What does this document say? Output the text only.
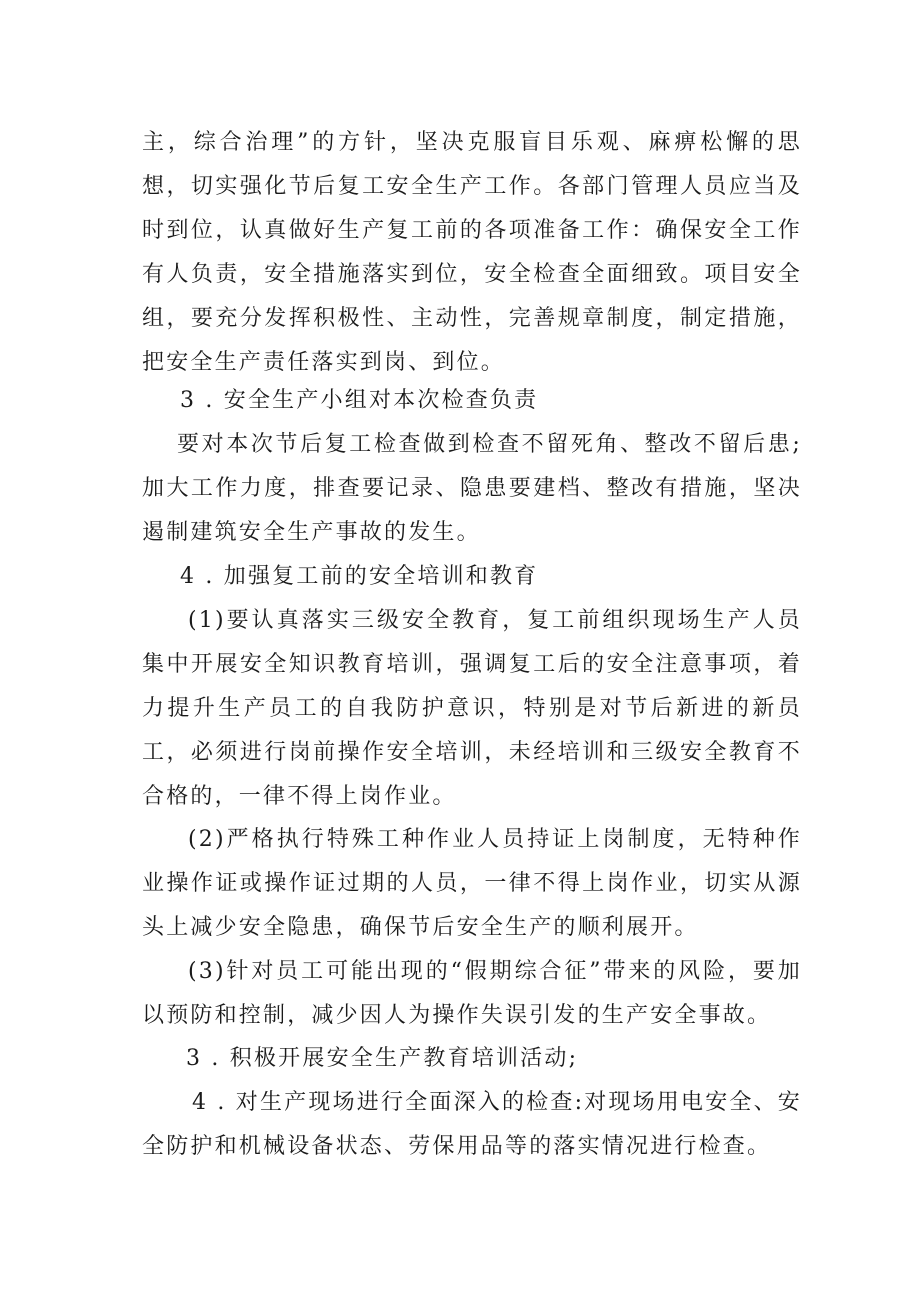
主，综合治理”的方针，坚决克服盲目乐观、麻痹松懈的思想，切实强化节后复工安全生产工作。各部门管理人员应当及时到位，认真做好生产复工前的各项准备工作：确保安全工作有人负责，安全措施落实到位，安全检查全面细致。项目安全组，要充分发挥积极性、主动性，完善规章制度，制定措施，把安全生产责任落实到岗、到位。

3 . 安全生产小组对本次检查负责

要对本次节后复工检查做到检查不留死角、整改不留后患;加大工作力度，排查要记录、隐患要建档、整改有措施，坚决遏制建筑安全生产事故的发生。

4 . 加强复工前的安全培训和教育

(1)要认真落实三级安全教育，复工前组织现场生产人员集中开展安全知识教育培训，强调复工后的安全注意事项，着力提升生产员工的自我防护意识，特别是对节后新进的新员工，必须进行岗前操作安全培训，未经培训和三级安全教育不合格的，一律不得上岗作业。

(2)严格执行特殊工种作业人员持证上岗制度，无特种作业操作证或操作证过期的人员，一律不得上岗作业，切实从源头上减少安全隐患，确保节后安全生产的顺利展开。

(3)针对员工可能出现的“假期综合征”带来的风险，要加以预防和控制，减少因人为操作失误引发的生产安全事故。

3 . 积极开展安全生产教育培训活动;

4 . 对生产现场进行全面深入的检查:对现场用电安全、安全防护和机械设备状态、劳保用品等的落实情况进行检查。
